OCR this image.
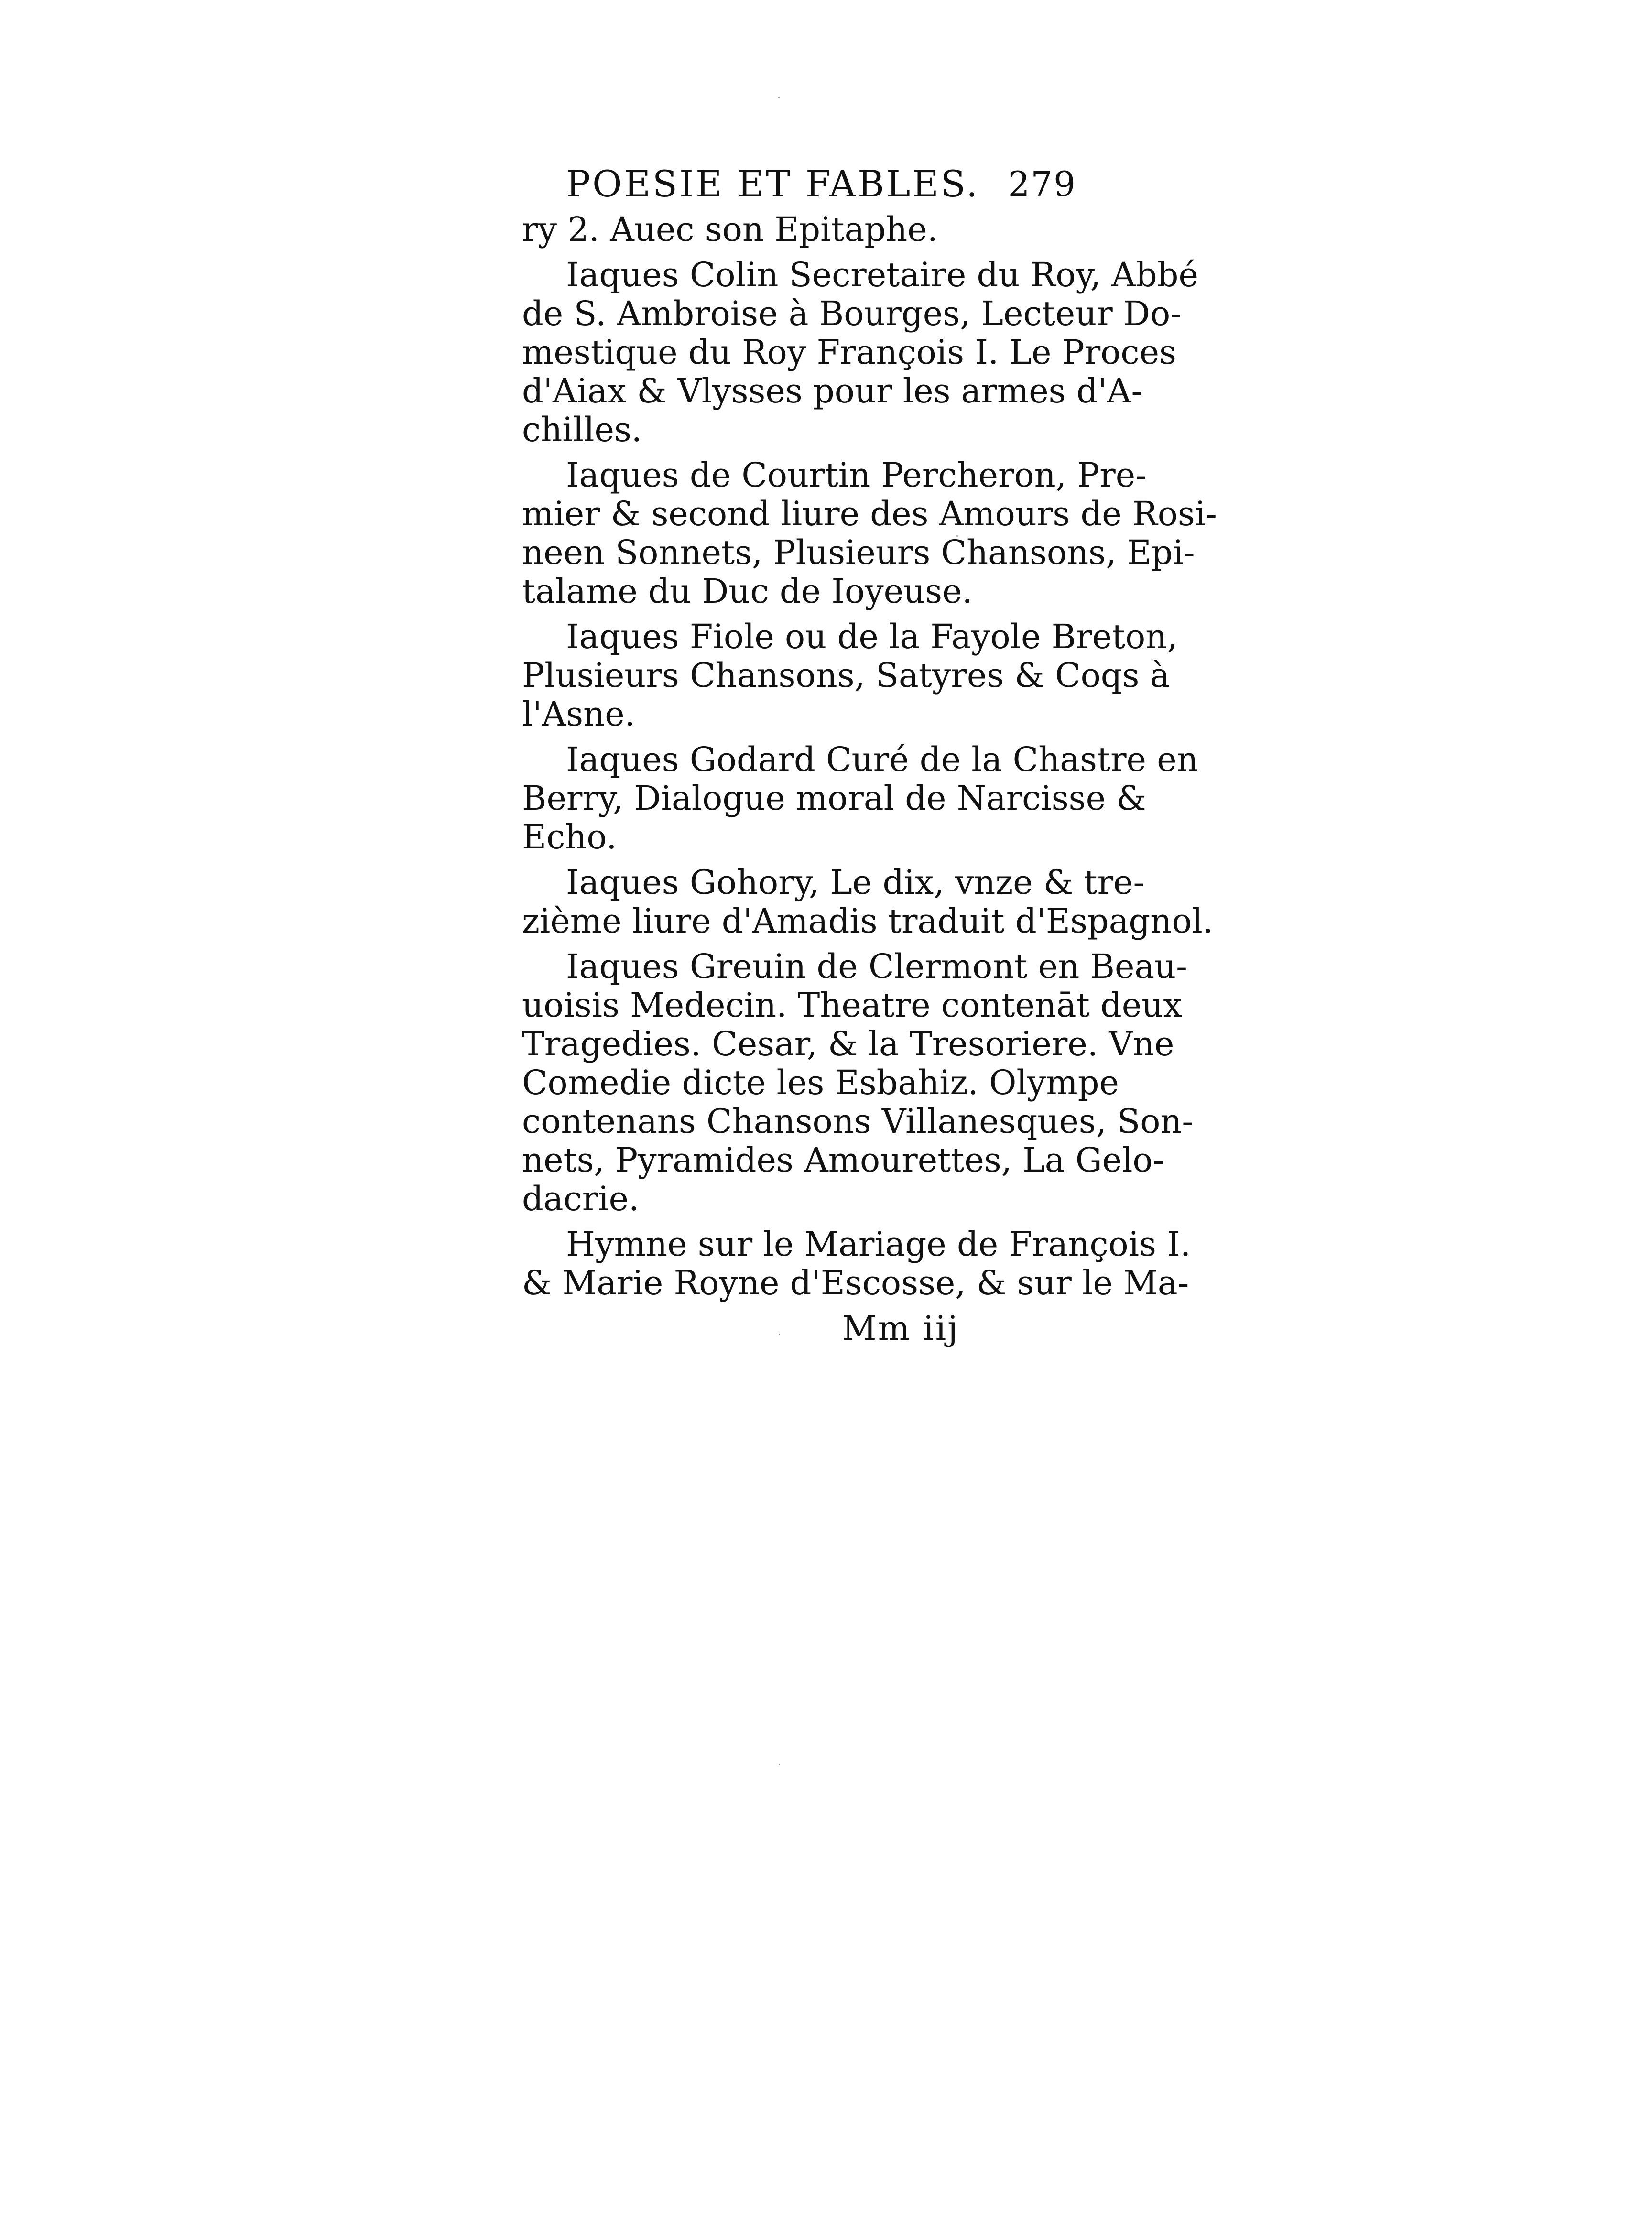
POESIE ET FABLES. 279

ry 2. Auec son Epitaphe.

Iaques Colin Secretaire du Roy, Abbé
de S. Ambroise à Bourges, Lecteur Do-
mestique du Roy François I. Le Proces
d'Aiax & Vlysses pour les armes d'A-
chilles.

Iaques de Courtin Percheron, Pre-
mier & second liure des Amours de Rosi-
neen Sonnets, Plusieurs Chansons, Epi-
talame du Duc de Ioyeuse.

Iaques Fiole ou de la Fayole Breton,
Plusieurs Chansons, Satyres & Coqs à
l'Asne.

Iaques Godard Curé de la Chastre en
Berry, Dialogue moral de Narcisse &
Echo.

Iaques Gohory, Le dix, vnze & tre-
zième liure d'Amadis traduit d'Espagnol.

Iaques Greuin de Clermont en Beau-
uoisis Medecin. Theatre contenāt deux
Tragedies. Cesar, & la Tresoriere. Vne
Comedie dicte les Esbahiz. Olympe
contenans Chansons Villanesques, Son-
nets, Pyramides Amourettes, La Gelo-
dacrie.

Hymne sur le Mariage de François I.
& Marie Royne d'Escosse, & sur le Ma-

Mm iij
